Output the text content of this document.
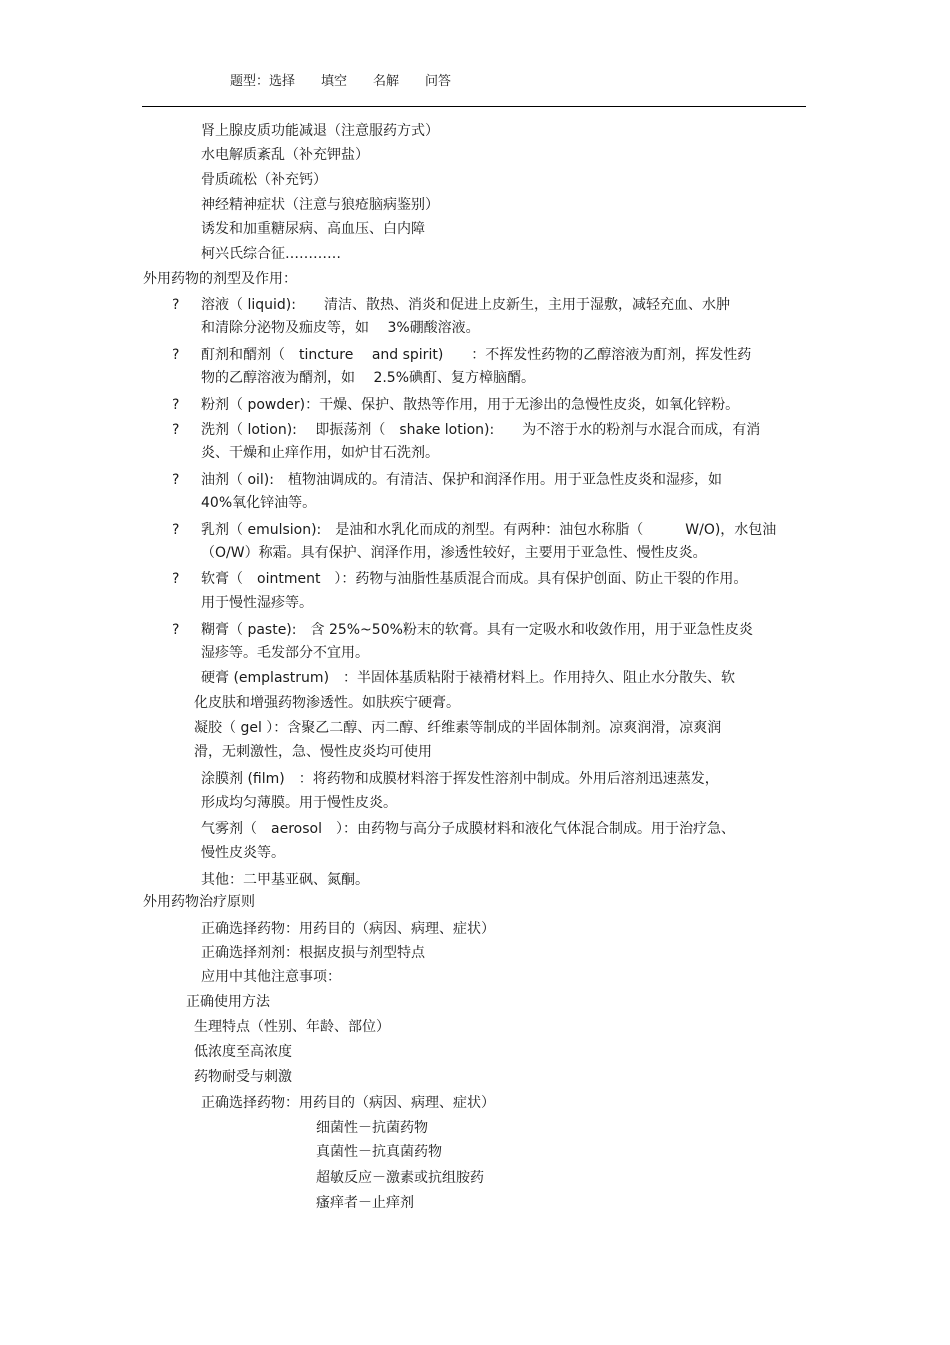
题型：选择　　填空　　名解　　问答
肾上腺皮质功能减退（注意服药方式）
水电解质紊乱（补充钾盐）
骨质疏松（补充钙）
神经精神症状（注意与狼疮脑病鉴别）
诱发和加重糖尿病、高血压、白内障
柯兴氏综合征…………
外用药物的剂型及作用：
? 溶液（ liquid):　　清洁、散热、消炎和促进上皮新生，主用于湿敷，减轻充血、水肿
和清除分泌物及痂皮等，如　 3%硼酸溶液。
? 酊剂和醑剂（　tincture　 and spirit)　　：不挥发性药物的乙醇溶液为酊剂，挥发性药
物的乙醇溶液为醑剂，如　 2.5%碘酊、复方樟脑醑。
? 粉剂（ powder)：干燥、保护、散热等作用，用于无渗出的急慢性皮炎，如氧化锌粉。
? 洗剂（ lotion):　 即振荡剂（　shake lotion):　　为不溶于水的粉剂与水混合而成，有消
炎、干燥和止痒作用，如炉甘石洗剂。
? 油剂（ oil):　植物油调成的。有清洁、保护和润泽作用。用于亚急性皮炎和湿疹，如
40%氧化锌油等。
? 乳剂（ emulsion):　是油和水乳化而成的剂型。有两种：油包水称脂（　　　W/O)，水包油
（O/W）称霜。具有保护、润泽作用，渗透性较好，主要用于亚急性、慢性皮炎。
? 软膏（　ointment　）：药物与油脂性基质混合而成。具有保护创面、防止干裂的作用。
用于慢性湿疹等。
? 糊膏（ paste):　含 25%~50%粉末的软膏。具有一定吸水和收敛作用，用于亚急性皮炎
湿疹等。毛发部分不宜用。
硬膏 (emplastrum)　：半固体基质粘附于裱褙材料上。作用持久、阻止水分散失、软
化皮肤和增强药物渗透性。如肤疾宁硬膏。
凝胶（ gel ）：含聚乙二醇、丙二醇、纤维素等制成的半固体制剂。凉爽润滑，凉爽润
滑，无刺激性，急、慢性皮炎均可使用
涂膜剂 (film)　：将药物和成膜材料溶于挥发性溶剂中制成。外用后溶剂迅速蒸发，
形成均匀薄膜。用于慢性皮炎。
气雾剂（　aerosol　）：由药物与高分子成膜材料和液化气体混合制成。用于治疗急、
慢性皮炎等。
其他：二甲基亚砜、氮酮。
外用药物治疗原则
正确选择药物：用药目的（病因、病理、症状）
正确选择剂剂：根据皮损与剂型特点
应用中其他注意事项：
正确使用方法
生理特点（性别、年龄、部位）
低浓度至高浓度
药物耐受与刺激
正确选择药物：用药目的（病因、病理、症状）
细菌性－抗菌药物
真菌性－抗真菌药物
超敏反应－激素或抗组胺药
瘙痒者－止痒剂
